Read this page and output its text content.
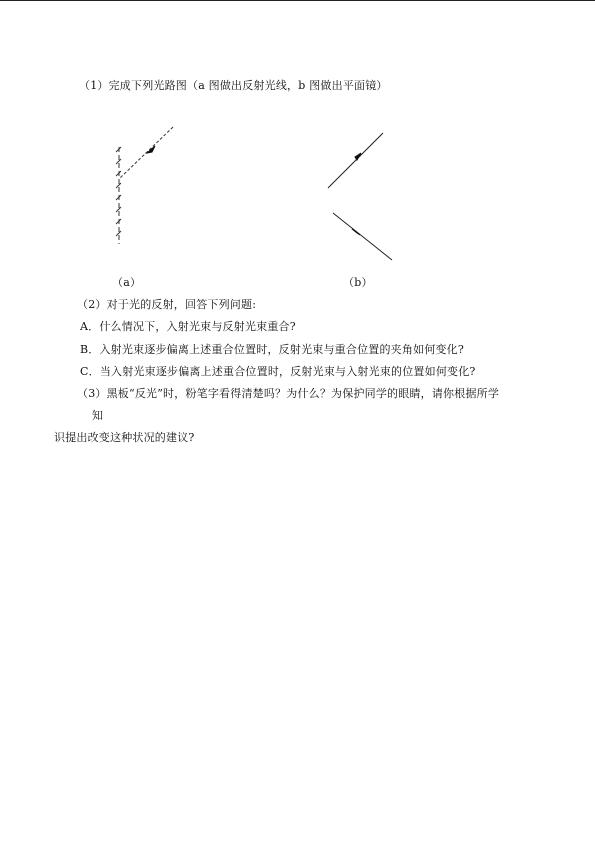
（1）完成下列光路图（a 图做出反射光线，b 图做出平面镜）
（a）	（b）
（2）对于光的反射，回答下列问题:
A．什么情况下，入射光束与反射光束重合?
B．入射光束逐步偏离上述重合位置时，反射光束与重合位置的夹角如何变化?
C．当入射光束逐步偏离上述重合位置时，反射光束与入射光束的位置如何变化?
（3）黑板“反光”时，粉笔字看得清楚吗？为什么？为保护同学的眼睛，请你根据所学
知
识提出改变这种状况的建议?
